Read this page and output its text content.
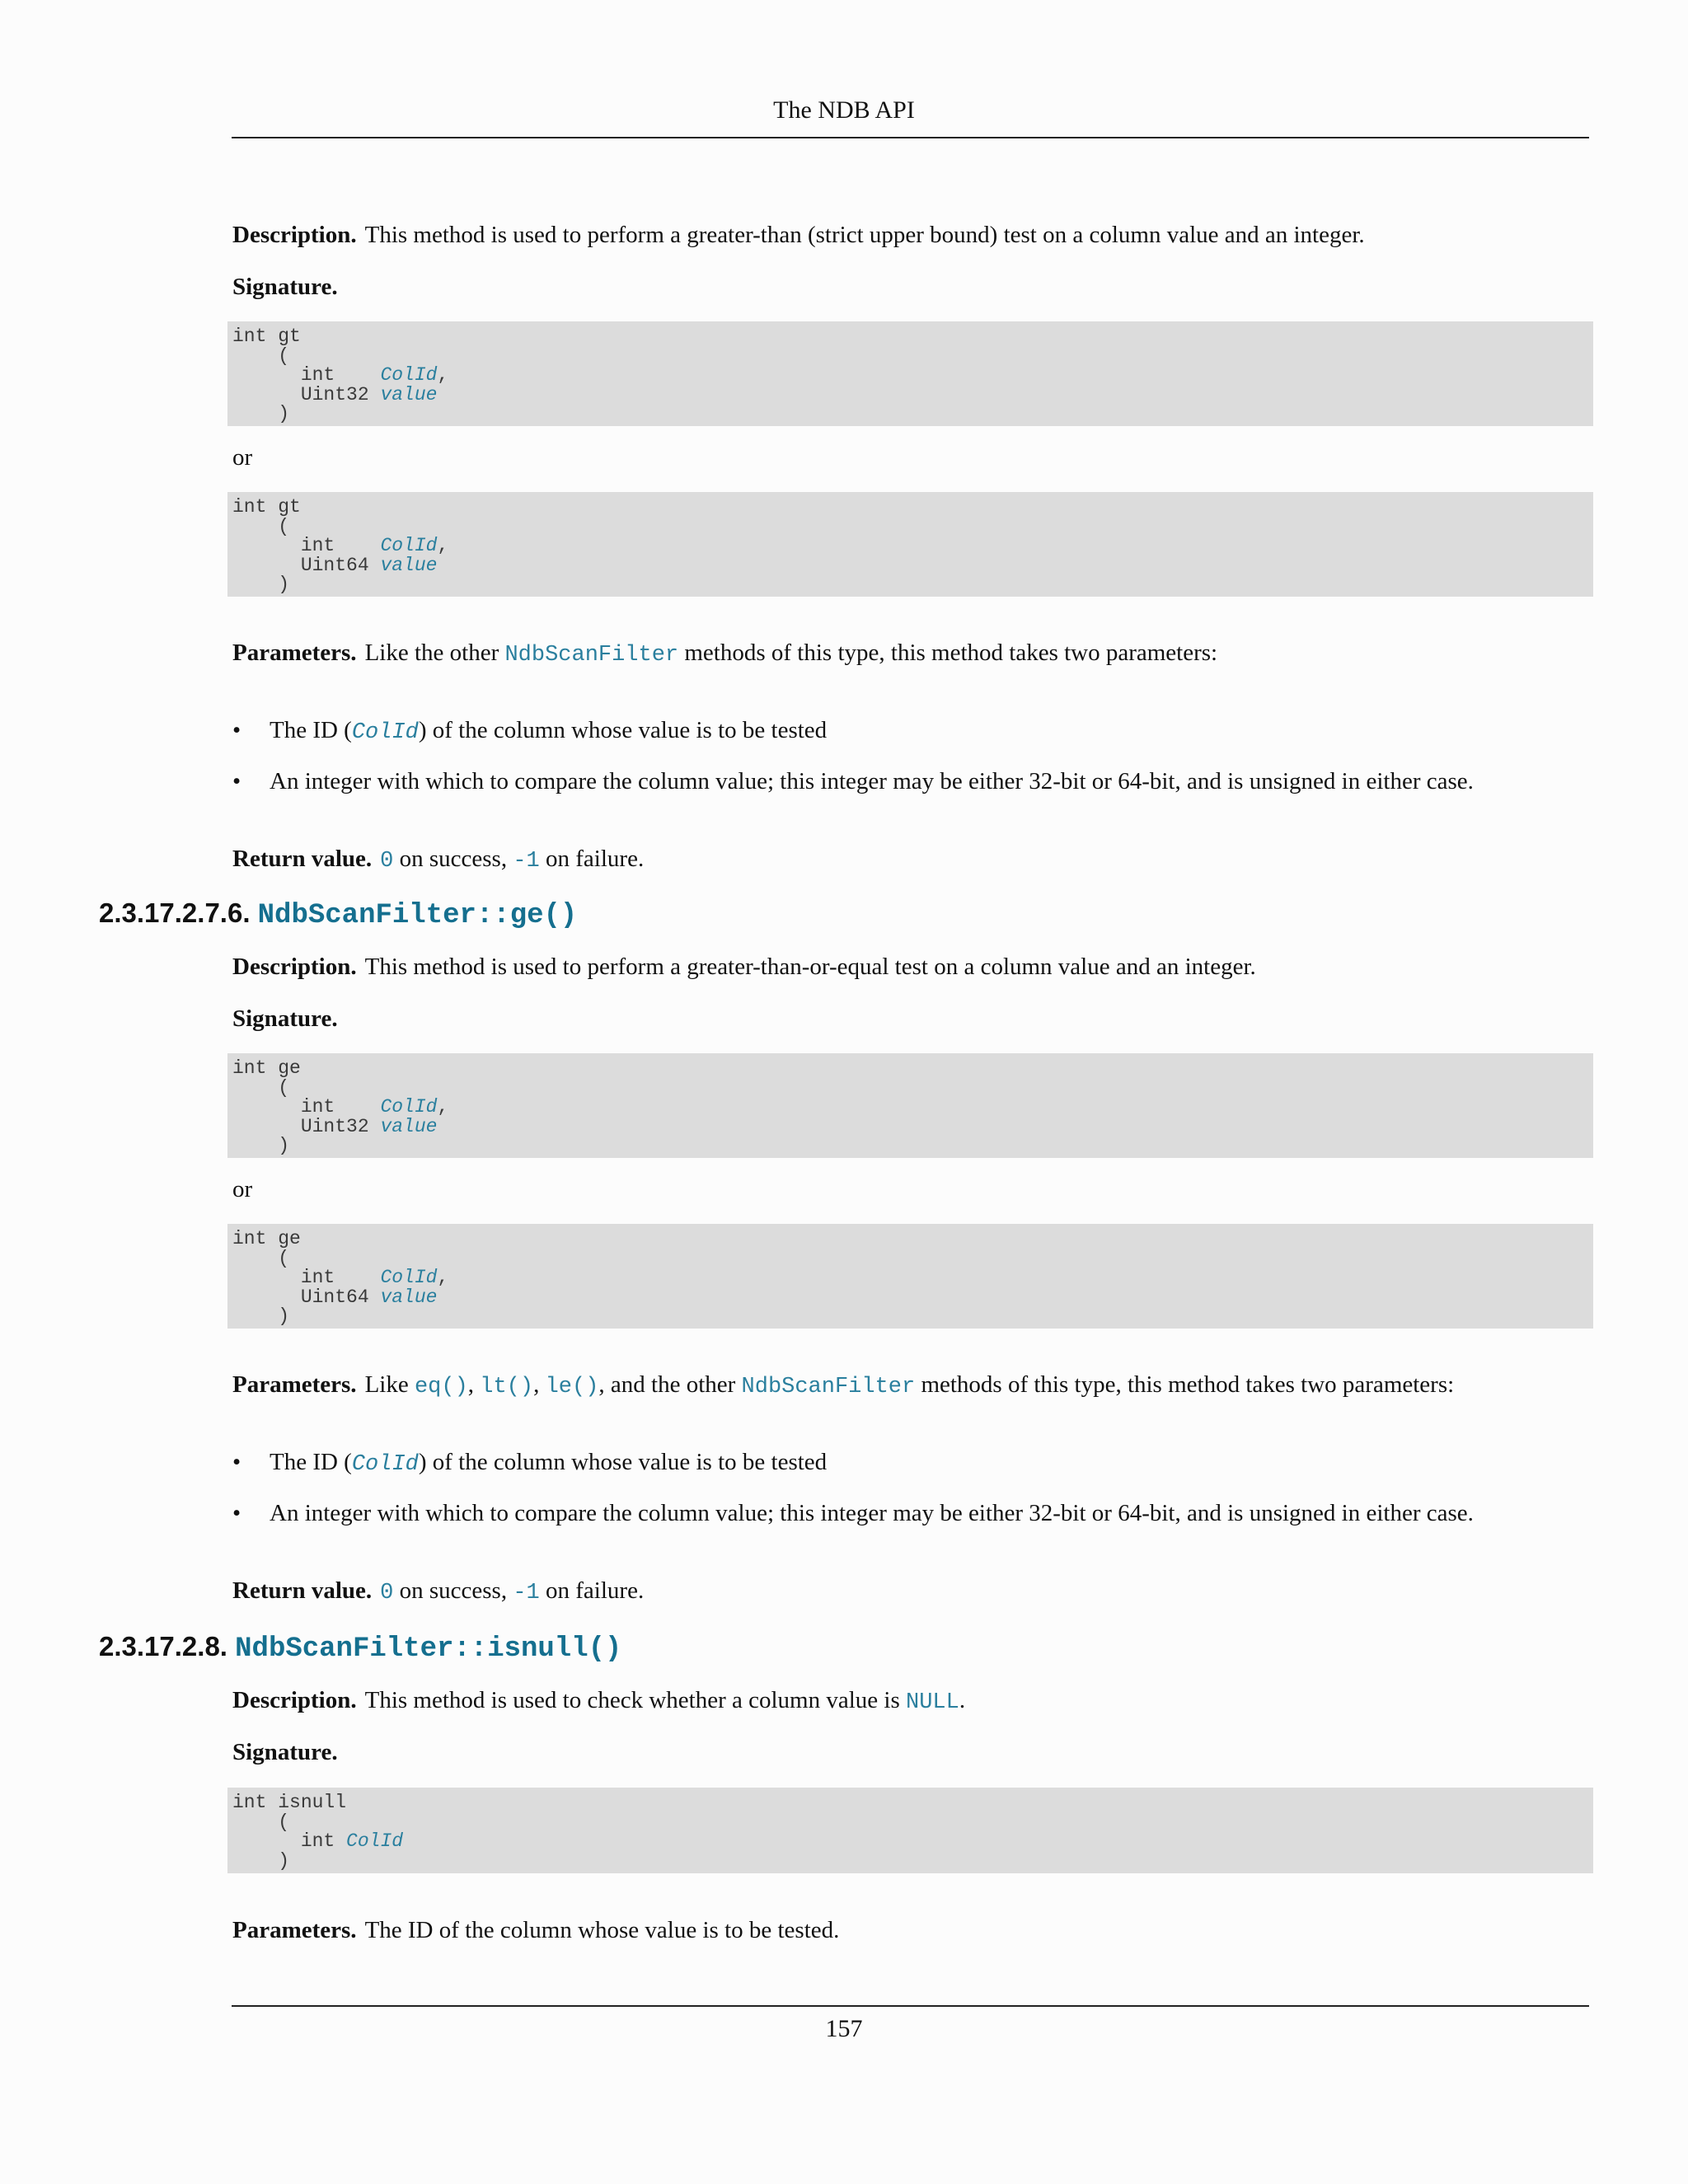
The NDB API
Description. This method is used to perform a greater-than (strict upper bound) test on a column value and an integer.
Signature.
int gt
(
int    ColId,
Uint32 value
)
or
int gt
(
int    ColId,
Uint64 value
)
Parameters. Like the other NdbScanFilter methods of this type, this method takes two parameters:
• The ID (ColId) of the column whose value is to be tested
• An integer with which to compare the column value; this integer may be either 32-bit or 64-bit, and is unsigned in either case.
Return value. 0 on success, -1 on failure.
2.3.17.2.7.6. NdbScanFilter::ge()
Description. This method is used to perform a greater-than-or-equal test on a column value and an integer.
Signature.
int ge
(
int    ColId,
Uint32 value
)
or
int ge
(
int    ColId,
Uint64 value
)
Parameters. Like eq(), lt(), le(), and the other NdbScanFilter methods of this type, this method takes two parameters:
• The ID (ColId) of the column whose value is to be tested
• An integer with which to compare the column value; this integer may be either 32-bit or 64-bit, and is unsigned in either case.
Return value. 0 on success, -1 on failure.
2.3.17.2.8. NdbScanFilter::isnull()
Description. This method is used to check whether a column value is NULL.
Signature.
int isnull
(
int ColId
)
Parameters. The ID of the column whose value is to be tested.
157
